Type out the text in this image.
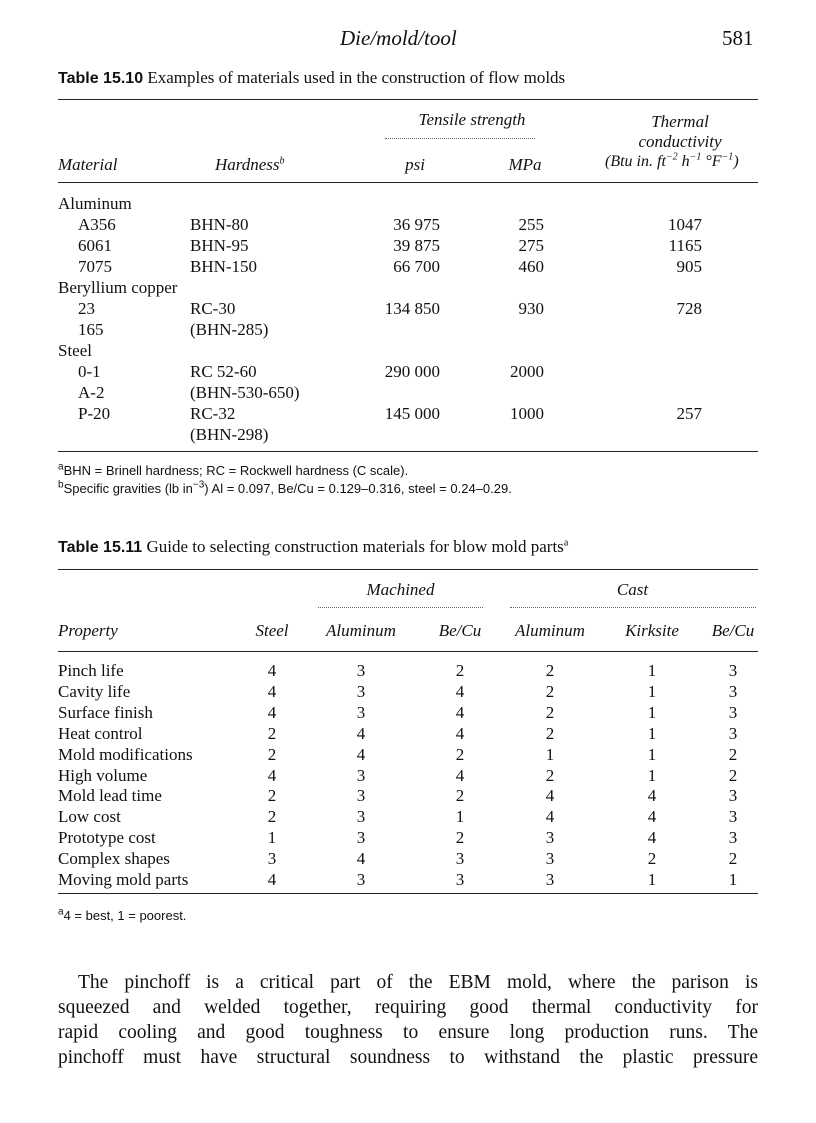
Die/mold/tool	581
Table 15.10 Examples of materials used in the construction of flow molds
Tensile strength	Thermal
conductivity
Material	Hardness$^b$	psi	MPa	(Btu in. $ft^{-2}$ $h^{-1}$ $^\circ F^{-1}$)
Aluminum
A356	BHN-80	36 975	255	1047
6061	BHN-95	39 875	275	1165
7075	BHN-150	66 700	460	905
Beryllium copper
23	RC-30	134 850	930	728
165	(BHN-285)
Steel
0-1	RC 52-60	290 000	2000
A-2	(BHN-530-650)
P-20	RC-32	145 000	1000	257
(BHN-298)
$^a$BHN = Brinell hardness; RC = Rockwell hardness (C scale).
$^b$Specific gravities (lb $in^{-3}$) Al = 0.097, Be/Cu = 0.129–0.316, steel = 0.24–0.29.
Table 15.11 Guide to selecting construction materials for blow mold parts$^a$
Machined	Cast
Property	Steel	Aluminum	Be/Cu	Aluminum	Kirksite	Be/Cu
Pinch life	4	3	2	2	1	3
Cavity life	4	3	4	2	1	3
Surface finish	4	3	4	2	1	3
Heat control	2	4	4	2	1	3
Mold modifications	2	4	2	1	1	2
High volume	4	3	4	2	1	2
Mold lead time	2	3	2	4	4	3
Low cost	2	3	1	4	4	3
Prototype cost	1	3	2	3	4	3
Complex shapes	3	4	3	3	2	2
Moving mold parts	4	3	3	3	1	1
$^a$4 = best, 1 = poorest.
The pinchoff is a critical part of the EBM mold, where the parison is
squeezed and welded together, requiring good thermal conductivity for
rapid cooling and good toughness to ensure long production runs. The
pinchoff must have structural soundness to withstand the plastic pressure
